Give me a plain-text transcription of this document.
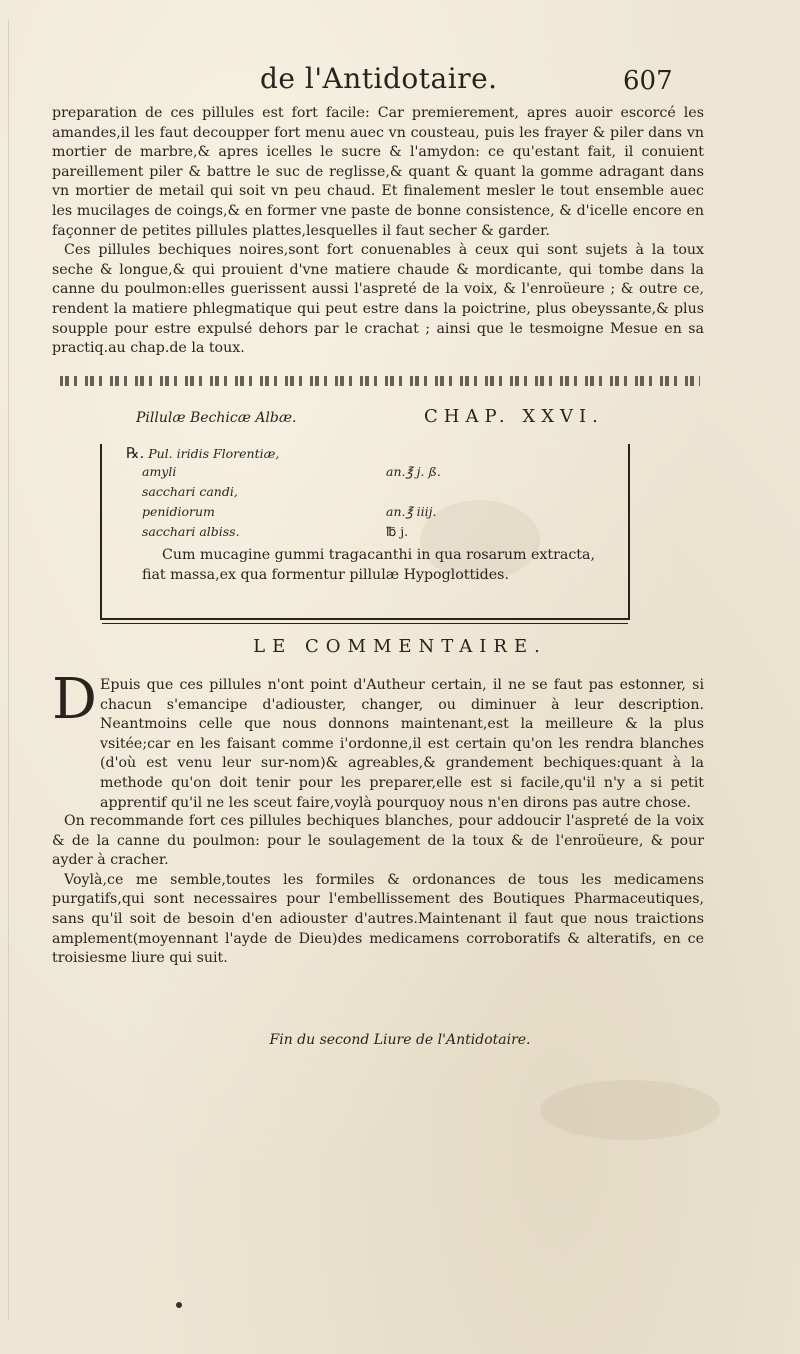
de l'Antidotaire.	607

preparation de ces pillules est fort facile: Car premierement, apres auoir escorcé les amandes,il les faut decoupper fort menu auec vn cousteau, puis les frayer & piler dans vn mortier de marbre,& apres icelles le sucre & l'amydon: ce qu'estant fait, il conuient pareillement piler & battre le suc de reglisse,& quant & quant la gomme adragant dans vn mortier de metail qui soit vn peu chaud. Et finalement mesler le tout ensemble auec les mucilages de coings,& en former vne paste de bonne consistence, & d'icelle encore en façonner de petites pillules plattes,lesquelles il faut secher & garder.

Ces pillules bechiques noires,sont fort conuenables à ceux qui sont sujets à la toux seche & longue,& qui prouient d'vne matiere chaude & mordicante, qui tombe dans la canne du poulmon:elles guerissent aussi l'aspreté de la voix, & l'enroüeure ; & outre ce, rendent la matiere phlegmatique qui peut estre dans la poictrine, plus obeyssante,& plus soupple pour estre expulsé dehors par le crachat ; ainsi que le tesmoigne Mesue en sa practiq.au chap.de la toux.

Pillulæ Bechicæ Albæ.	CHAP. XXVI.
℞. Pul. iridis Florentiæ,
amyli	an.℥ j. ß.
sacchari candi,
penidiorum	an.℥ iiij.
sacchari albiss.	℔ j.
Cum mucagine gummi tragacanthi in qua rosarum extracta,
fiat massa,ex qua formentur pillulæ Hypoglottides.
LE COMMENTAIRE.
D Epuis que ces pillules n'ont point d'Autheur certain, il ne se faut pas estonner, si chacun s'emancipe d'adiouster, changer, ou diminuer à leur description. Neantmoins celle que nous donnons maintenant,est la meilleure & la plus vsitée;car en les faisant comme i'ordonne,il est certain qu'on les rendra blanches (d'où est venu leur sur-nom)& agreables,& grandement bechiques:quant à la methode qu'on doit tenir pour les preparer,elle est si facile,qu'il n'y a si petit apprentif qu'il ne les sceut faire,voylà pourquoy nous n'en dirons pas autre chose.

On recommande fort ces pillules bechiques blanches, pour addoucir l'aspreté de la voix & de la canne du poulmon: pour le soulagement de la toux & de l'enroüeure, & pour ayder à cracher.

Voylà,ce me semble,toutes les formiles & ordonances de tous les medicamens purgatifs,qui sont necessaires pour l'embellissement des Boutiques Pharmaceutiques, sans qu'il soit de besoin d'en adiouster d'autres.Maintenant il faut que nous traictions amplement(moyennant l'ayde de Dieu)des medicamens corroboratifs & alteratifs, en ce troisiesme liure qui suit.

Fin du second Liure de l'Antidotaire.
